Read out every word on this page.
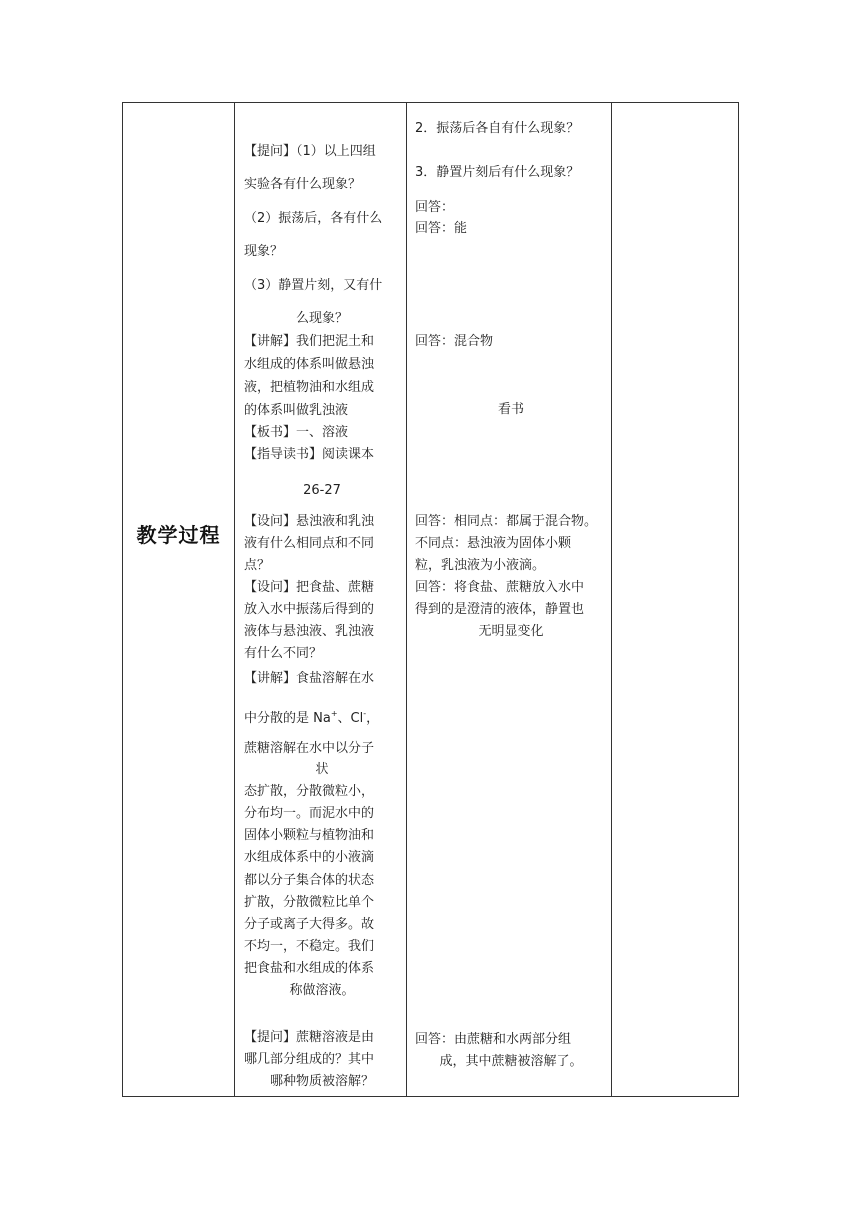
教学过程
【提问】（1）以上四组
实验各有什么现象？
（2）振荡后，各有什么
现象？
（3）静置片刻，又有什
么现象？
【讲解】我们把泥土和
水组成的体系叫做悬浊
液，把植物油和水组成
的体系叫做乳浊液
【板书】一、溶液
【指导读书】阅读课本
26-27
【设问】悬浊液和乳浊
液有什么相同点和不同
点？
【设问】把食盐、蔗糖
放入水中振荡后得到的
液体与悬浊液、乳浊液
有什么不同？
【讲解】食盐溶解在水
中分散的是 Na+、Cl-，
蔗糖溶解在水中以分子
状
态扩散，分散微粒小，
分布均一。而泥水中的
固体小颗粒与植物油和
水组成体系中的小液滴
都以分子集合体的状态
扩散，分散微粒比单个
分子或离子大得多。故
不均一，不稳定。我们
把食盐和水组成的体系
称做溶液。
【提问】蔗糖溶液是由
哪几部分组成的？其中
哪种物质被溶解？
2．振荡后各自有什么现象？
3．静置片刻后有什么现象？
回答：
回答：能
回答：混合物
看书
回答：相同点：都属于混合物。
不同点：悬浊液为固体小颗
粒，乳浊液为小液滴。
回答：将食盐、蔗糖放入水中
得到的是澄清的液体，静置也
无明显变化
回答：由蔗糖和水两部分组
成，其中蔗糖被溶解了。
